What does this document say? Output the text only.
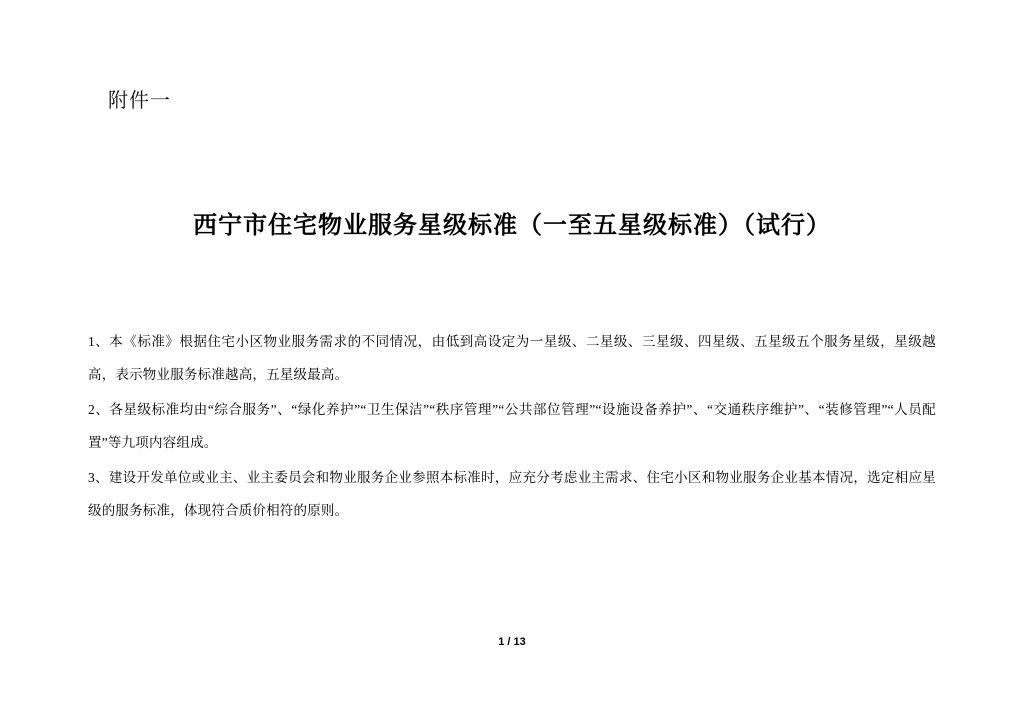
附件一
西宁市住宅物业服务星级标准（一至五星级标准）（试行）

1、本《标准》根据住宅小区物业服务需求的不同情况，由低到高设定为一星级、二星级、三星级、四星级、五星级五个服务星级，星级越高，表示物业服务标准越高，五星级最高。

2、各星级标准均由“综合服务”、“绿化养护”“卫生保洁”“秩序管理”“公共部位管理”“设施设备养护”、“交通秩序维护”、“装修管理”“人员配置”等九项内容组成。

3、建设开发单位或业主、业主委员会和物业服务企业参照本标准时，应充分考虑业主需求、住宅小区和物业服务企业基本情况，选定相应星级的服务标准，体现符合质价相符的原则。

1 / 13
